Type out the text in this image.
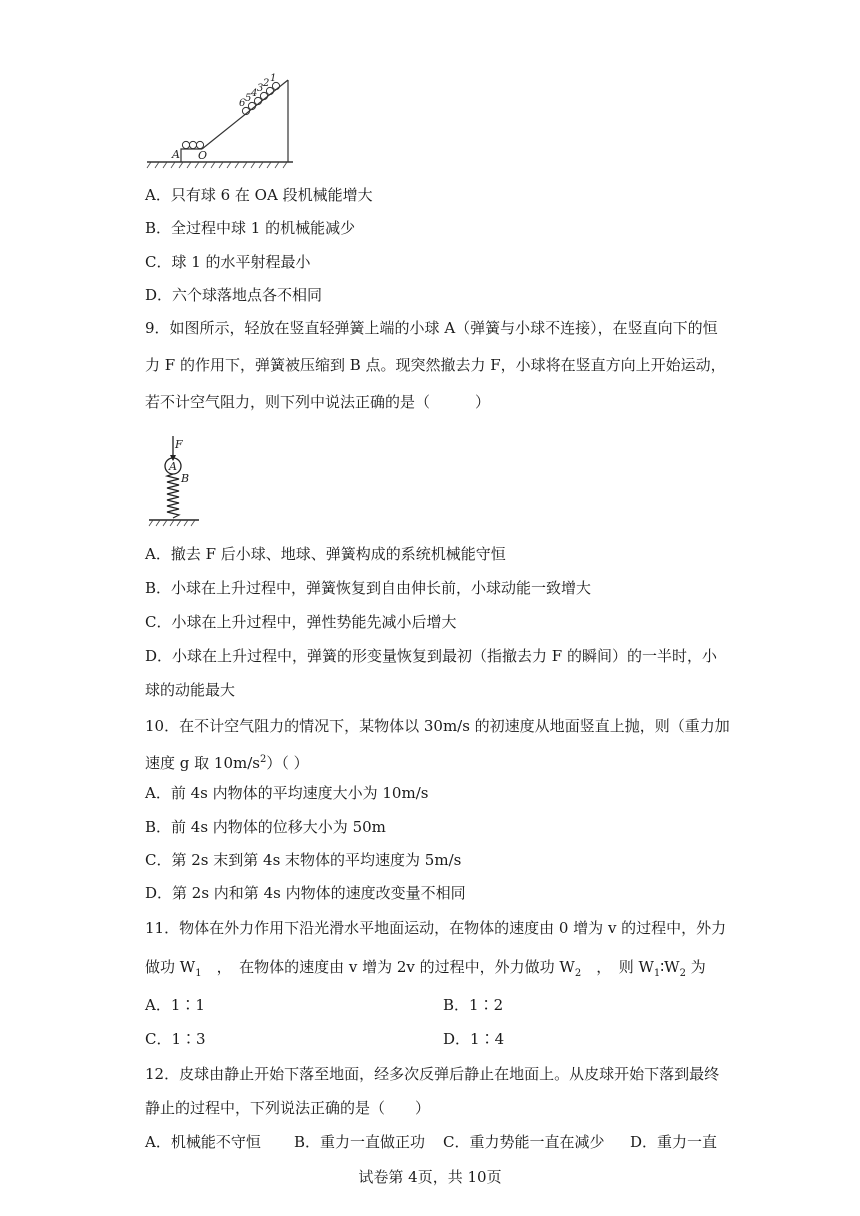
A O
6 5 4 3 2 1
A．只有球 6 在 OA 段机械能增大
B．全过程中球 1 的机械能减少
C．球 1 的水平射程最小
D．六个球落地点各不相同
9．如图所示，轻放在竖直轻弹簧上端的小球 A（弹簧与小球不连接），在竖直向下的恒
力 F 的作用下，弹簧被压缩到 B 点。现突然撤去力 F，小球将在竖直方向上开始运动，
若不计空气阻力，则下列中说法正确的是（　　　）
F
A
B
A．撤去 F 后小球、地球、弹簧构成的系统机械能守恒
B．小球在上升过程中，弹簧恢复到自由伸长前，小球动能一致增大
C．小球在上升过程中，弹性势能先减小后增大
D．小球在上升过程中，弹簧的形变量恢复到最初（指撤去力 F 的瞬间）的一半时，小
球的动能最大
10．在不计空气阻力的情况下，某物体以 30m/s 的初速度从地面竖直上抛，则（重力加
速度 g 取 $10m/s^2$）（ ）
A．前 4s 内物体的平均速度大小为 10m/s
B．前 4s 内物体的位移大小为 50m
C．第 2s 末到第 4s 末物体的平均速度为 5m/s
D．第 2s 内和第 4s 内物体的速度改变量不相同
11．物体在外力作用下沿光滑水平地面运动，在物体的速度由 0 增为 v 的过程中，外力
做功 $W_1$　，　在物体的速度由 v 增为 2v 的过程中，外力做功 $W_2$　，　则 $W_1∶W_2$ 为
A．1∶1	B．1∶2
C．1∶3	D．1∶4
12．皮球由静止开始下落至地面，经多次反弹后静止在地面上。从皮球开始下落到最终
静止的过程中，下列说法正确的是（　　）
A．机械能不守恒 B．重力一直做正功 C．重力势能一直在减少 D．重力一直
试卷第 4页，共 10页
